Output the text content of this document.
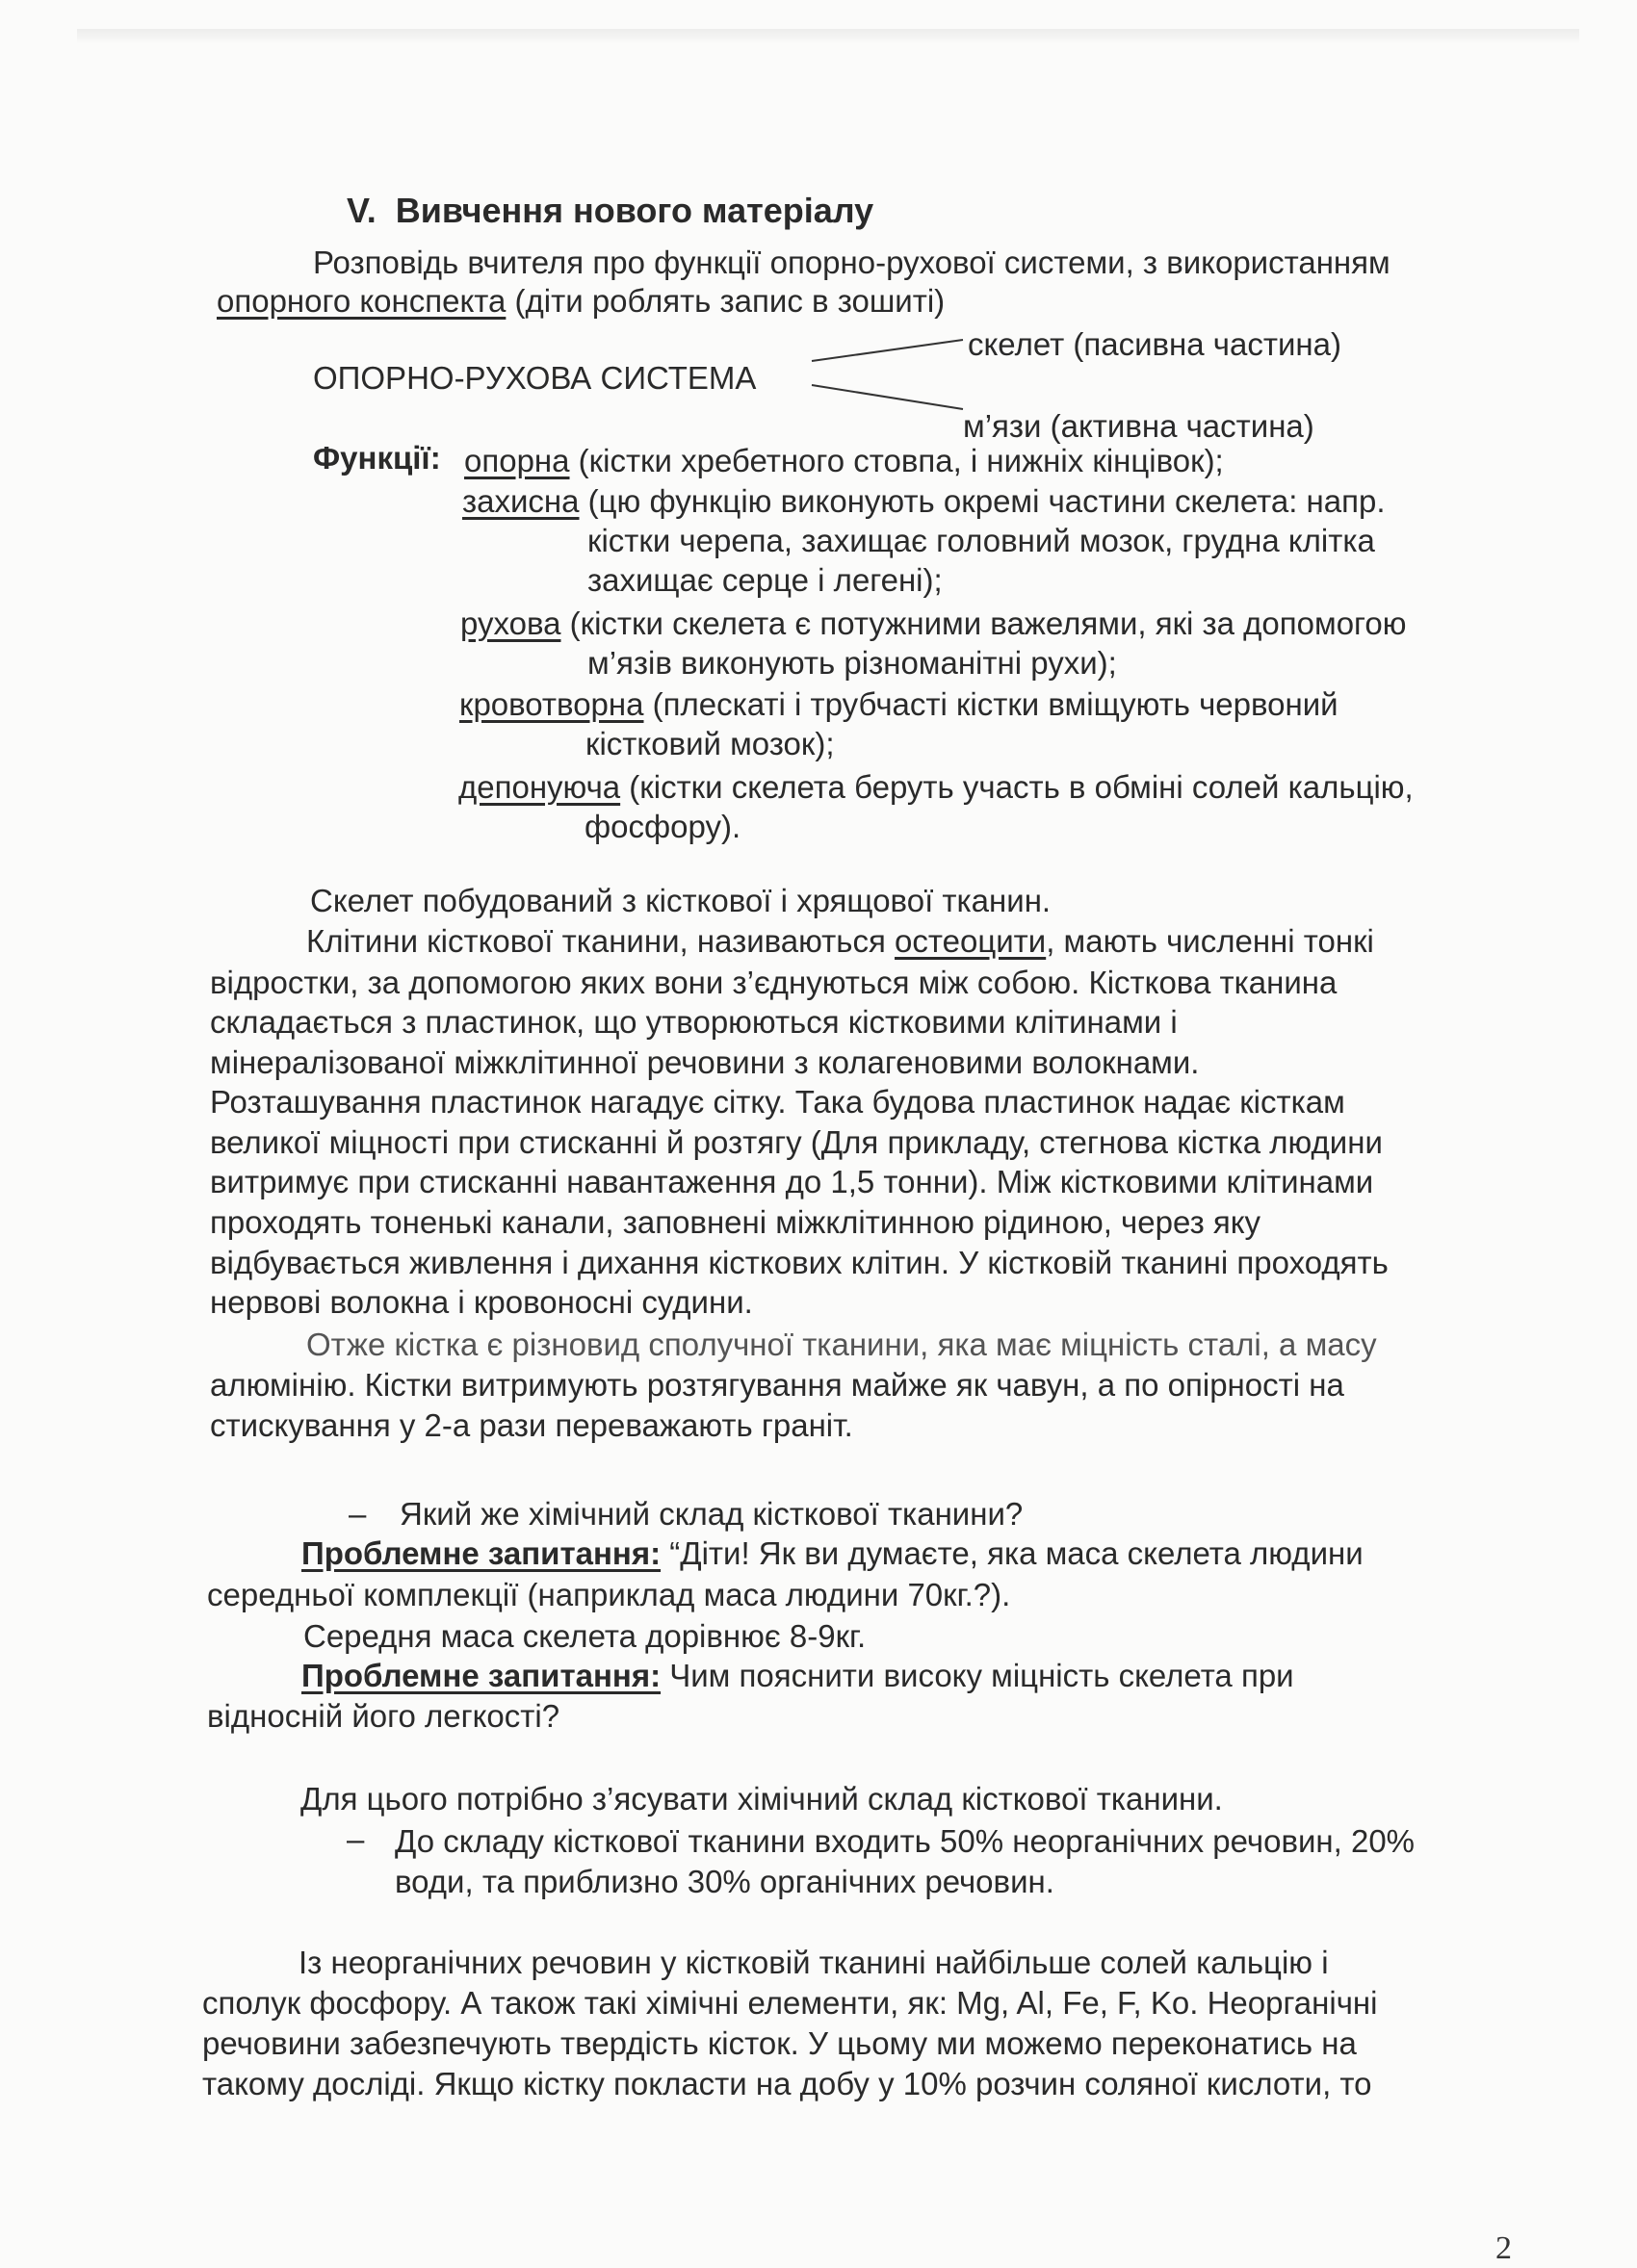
V. Вивчення нового матеріалу
Розповідь вчителя про функції опорно-рухової системи, з використанням
опорного конспекта (діти роблять запис в зошиті)
ОПОРНО-РУХОВА СИСТЕМА
скелет (пасивна частина)
м’язи (активна частина)
Функції: опорна (кістки хребетного стовпа, і нижніх кінцівок);
захисна (цю функцію виконують окремі частини скелета: напр.
кістки черепа, захищає головний мозок, грудна клітка
захищає серце і легені);
рухова (кістки скелета є потужними важелями, які за допомогою
м’язів виконують різноманітні рухи);
кровотворна (плескаті і трубчасті кістки вміщують червоний
кістковий мозок);
депонуюча (кістки скелета беруть участь в обміні солей кальцію,
фосфору).
Скелет побудований з кісткової і хрящової тканин.
Клітини кісткової тканини, називаються остеоцити, мають численні тонкі
відростки, за допомогою яких вони з’єднуються між собою. Кісткова тканина
складається з пластинок, що утворюються кістковими клітинами і
мінералізованої міжклітинної речовини з колагеновими волокнами.
Розташування пластинок нагадує сітку. Така будова пластинок надає кісткам
великої міцності при стисканні й розтягу (Для прикладу, стегнова кістка людини
витримує при стисканні навантаження до 1,5 тонни). Між кістковими клітинами
проходять тоненькі канали, заповнені міжклітинною рідиною, через яку
відбувається живлення і дихання кісткових клітин. У кістковій тканині проходять
нервові волокна і кровоносні судини.
Отже кістка є різновид сполучної тканини, яка має міцність сталі, а масу
алюмінію. Кістки витримують розтягування майже як чавун, а по опірності на
стискування у 2-а рази переважають граніт.
– Який же хімічний склад кісткової тканини?
Проблемне запитання: “Діти! Як ви думаєте, яка маса скелета людини
середньої комплекції (наприклад маса людини 70кг.?).
Середня маса скелета дорівнює 8-9кг.
Проблемне запитання: Чим пояснити високу міцність скелета при
відносній його легкості?
Для цього потрібно з’ясувати хімічний склад кісткової тканини.
– До складу кісткової тканини входить 50% неорганічних речовин, 20%
води, та приблизно 30% органічних речовин.
Із неорганічних речовин у кістковій тканині найбільше солей кальцію і
сполук фосфору. А також такі хімічні елементи, як: Mg, Al, Fe, F, Ko. Неорганічні
речовини забезпечують твердість кісток. У цьому ми можемо переконатись на
такому досліді. Якщо кістку покласти на добу у 10% розчин соляної кислоти, то
2
